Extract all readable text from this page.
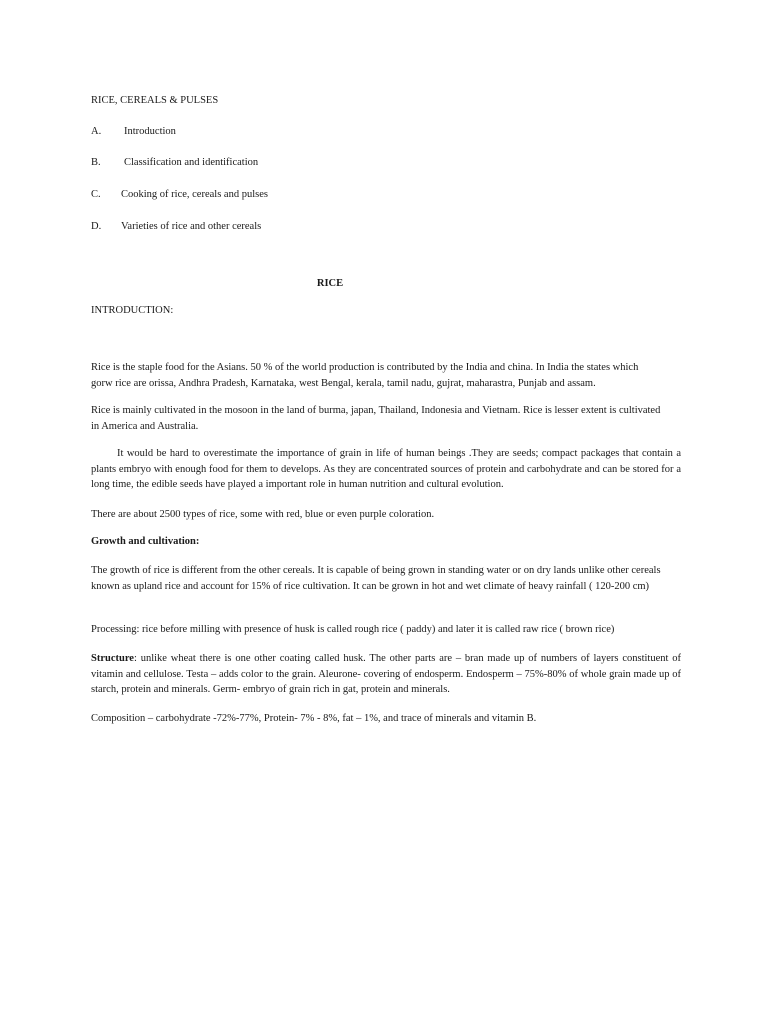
RICE, CEREALS & PULSES
A. Introduction
B. Classification and identification
C. Cooking of rice, cereals and pulses
D. Varieties of rice and other cereals
RICE
INTRODUCTION:
Rice is the staple food for the Asians. 50 % of the world production is contributed by the India and china. In India the states which gorw rice are orissa, Andhra Pradesh, Karnataka, west Bengal, kerala, tamil nadu, gujrat, maharastra, Punjab and assam.
Rice is mainly cultivated in the mosoon in the land of burma, japan, Thailand, Indonesia and Vietnam. Rice is lesser extent is cultivated in America and Australia.
It would be hard to overestimate the importance of grain in life of human beings .They are seeds; compact packages that contain a plants embryo with enough food for them to develops. As they are concentrated sources of protein and carbohydrate and can be stored for a long time, the edible seeds have played a important role in human nutrition and cultural evolution.
There are about 2500 types of rice, some with red, blue or even purple coloration.
Growth and cultivation:
The growth of rice is different from the other cereals. It is capable of being grown in standing water or on dry lands unlike other cereals known as upland rice and account for 15% of rice cultivation. It can be grown in hot and wet climate of heavy rainfall ( 120-200 cm)
Processing: rice before milling with presence of husk is called rough rice ( paddy) and later it is called raw rice ( brown rice)
Structure: unlike wheat there is one other coating called husk. The other parts are – bran made up of numbers of layers constituent of vitamin and cellulose. Testa – adds color to the grain. Aleurone- covering of endosperm. Endosperm – 75%-80% of whole grain made up of starch, protein and minerals. Germ- embryo of grain rich in gat, protein and minerals.
Composition – carbohydrate -72%-77%, Protein- 7% - 8%, fat – 1%, and trace of minerals and vitamin B.
